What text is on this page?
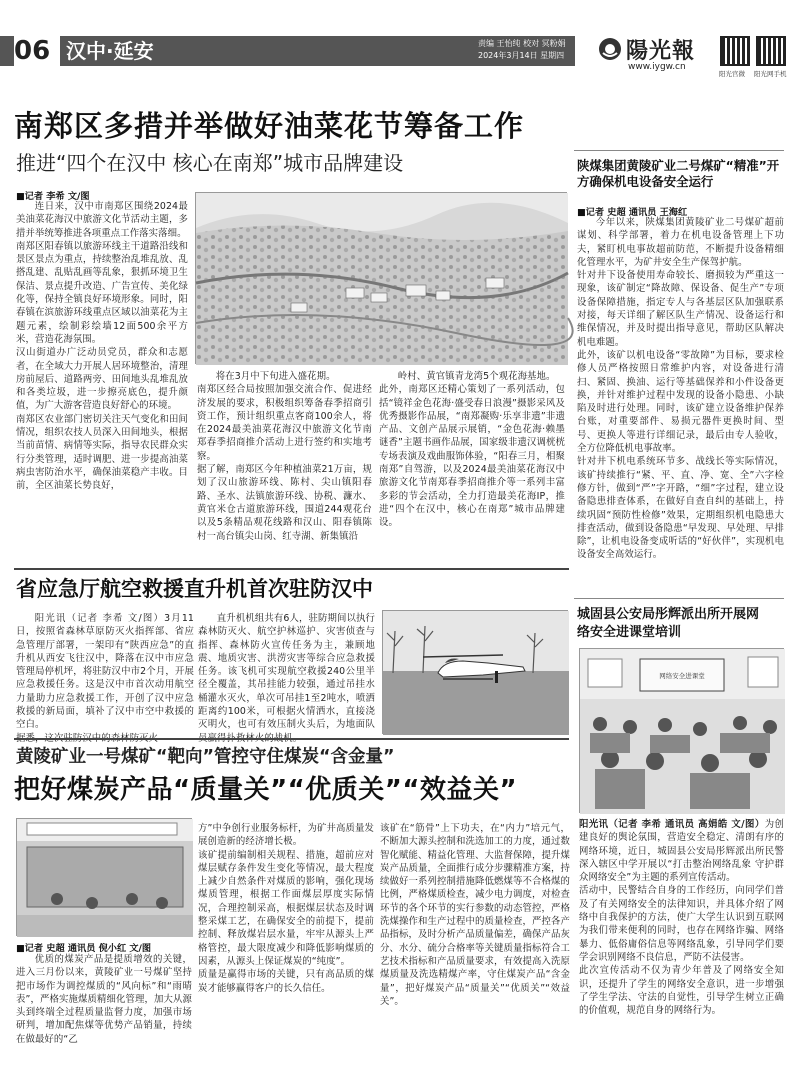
06 汉中·延安	责编 王怡纯 校对 冥粉娟
2024年3月14日 星期四	陽光報
www.iygw.cn
阳光官微 阳光网手机
南郑区多措并举做好油菜花节筹备工作
推进“四个在汉中 核心在南郑”城市品牌建设
■记者 李希 文/图

连日来，汉中市南郑区围绕2024最美油菜花海汉中旅游文化节活动主题，多措并举统筹推进各项重点工作落实落细。
南郑区阳春镇以旅游环线主干道路沿线和景区景点为重点，持续整治乱堆乱放、乱搭乱建、乱贴乱画等乱象，狠抓环境卫生保洁、景点提升改造、广告宣传、美化绿化等，保持全镇良好环境形象。同时，阳春镇在滨旅游环线重点区域以油菜花为主题元素，绘制彩绘墙12面500余平方米，营造花海氛围。
汉山街道办广泛动员党员，群众和志愿者，在全域大力开展人居环境整治，清理房前屋后、道路两旁、田间地头乱堆乱放和各类垃圾，进一步擦亮底色，提升颜值，为广大游客营造良好舒心的环境。
南郑区农业部门密切关注天气变化和田间情况，组织农技人员深入田间地头，根据当前苗情、病情等实际，指导农民群众实行分类管理，适时调肥、进一步提高油菜病虫害防治水平，确保油菜稳产丰收。目前，全区油菜长势良好，

将在3月中下旬进入盛花期。
南郑区经合局按照加强交流合作、促进经济发展的要求，积极组织筹备春季招商引资工作，预计组织重点客商100余人，将在2024最美油菜花海汉中旅游文化节南郑春季招商推介活动上进行签约和实地考察。
据了解，南郑区今年种植油菜21万亩，规划了汉山旅游环线、陈村、尖山镇阳春路、圣水、法镇旅游环线、协税、濂水、黄官米仓古道旅游环线，围道244观花台以及5条精品观花线路和汉山、阳春镇陈村一高台镇尖山岗、红寺湖、新集镇沿

岭村、黄官镇青龙湾5个观花海基地。
此外，南郑区还精心策划了一系列活动，包括“镜祥金色花海·盛受春日浪漫”摄影采风及优秀摄影作品展，“南郑凝购·乐享非遗”非遗产品、文创产品展示展销，“金色花海·赖墨谜香”主题书画作品展，国家级非遗汉调桄桄专场表演及戏曲服饰体验，“阳春三月，相聚南郑”自驾游，以及2024最美油菜花海汉中旅游文化节南郑春季招商推介等一系列丰富多彩的节会活动，全力打造最美花海IP，推进“四个在汉中，核心在南郑”城市品牌建设。

陕煤集团黄陵矿业二号煤矿“精准”开方确保机电设备安全运行
■记者 史超 通讯员 王海红

今年以来，陕煤集团黄陵矿业二号煤矿超前谋划、科学部署，着力在机电设备管理上下功夫，紧盯机电事故超前防范，不断提升设备精细化管理水平，为矿井安全生产保驾护航。
针对井下设备使用寿命较长、磨损较为严重这一现象，该矿制定“降故障、保设备、促生产”专项设备保障措施，指定专人与各基层区队加强联系对接，每天详细了解区队生产情况、设备运行和维保情况，并及时提出指导意见，帮助区队解决机电难题。
此外，该矿以机电设备“零故障”为目标，要求检修人员严格按照日常维护内容，对设备进行清扫、紧固、换油、运行等基础保养和小件设备更换，并针对维护过程中发现的设备小隐患、小缺陷及时进行处理。同时，该矿建立设备维护保养台账，对重要部件、易损元器件更换时间、型号、更换人等进行详细记录，最后由专人验收，全方位降低机电事故率。
针对井下机电系统环节多、战线长等实际情况，该矿持续推行“紧、平、直、净、宽、全”六字检修方针，做到“严”字开路，“细”字过程，建立设备隐患排查体系，在做好自查自纠的基础上，持续巩固“预防性检修”效果，定期组织机电隐患大排查活动，做到设备隐患“早发现、早处理、早排除”，让机电设备变成听话的“好伙伴”，实现机电设备安全高效运行。

省应急厅航空救援直升机首次驻防汉中

阳光讯（记者 李希 文/图）3月11日，按照省森林草原防灭火指挥部、省应急管理厅部署，一架印有“陕西应急”的直升机从西安飞往汉中，降落在汉中市应急管理局停机坪，将驻防汉中市2个月，开展应急救援任务。这是汉中市首次动用航空力量助力应急救援工作，开创了汉中应急救援的新局面，填补了汉中市空中救援的空白。

直升机机组共有6人，驻防期间以执行森林防灭火、航空护林巡护、灾害侦查与指挥、森林防火宣传任务为主，兼顾地震、地质灾害、洪涝灾害等综合应急救援任务。该飞机可实现航空救援240公里半径全覆盖，其吊挂能力较强，通过吊挂水桶灌水灭火，单次可吊挂1至2吨水，喷洒距离约100米，可根据火情洒水，直接浇灭明火，也可有效压制火头后，为地面队

城固县公安局彤辉派出所开展网络安全进课堂培训
网络安全进课堂
阳光讯（记者 李希 通讯员 高娟皓 文/图）为创建良好的舆论氛围，营造安全稳定、清朗有序的网络环境，近日，城固县公安局彤辉派出所民警深入辖区中学开展以“打击整治网络乱象 守护群众网络安全”为主题的系列宣传活动。
活动中，民警结合自身的工作经历，向同学们普及了有关网络安全的法律知识，并具体介绍了网络中自我保护的方法，使广大学生认识到互联网为我们带来便利的同时，也存在网络诈骗、网络暴力、低俗庸俗信息等网络乱象，引导同学们要学会识别网络不良信息，严防不法侵害。
此次宣传活动不仅为青少年普及了网络安全知识，还提升了学生的网络安全意识，进一步增强了学生学法、守法的自觉性，引导学生树立正确的价值观，规范自身的网络行为。
黄陵矿业一号煤矿“靶向”管控守住煤炭“含金量”
把好煤炭产品“质量关”“优质关”“效益关”
■记者 史超 通讯员 倪小红 文/图

优质的煤炭产品是提质增效的关键，进入三月份以来，黄陵矿业一号煤矿坚持把市场作为调控煤质的“风向标”和“雨晴表”，严格实施煤质精细化管理，加大从源头到终端全过程质量监督力度，加强市场研判，增加配焦煤等优势产品销量，持续在做最好的“乙

方”中争创行业服务标杆，为矿井高质量发展创造新的经济增长极。
该矿提前编制相关规程、措施，超前应对煤层赋存条件发生变化等情况，最大程度上减少自然条件对煤质的影响，强化现场煤质管理，根据工作面煤层厚度实际情况，合理控制采高，根据煤层状态及时调整采煤工艺，在确保安全的前提下，提前控制、释放煤岩层水量，牢牢从源头上严格管控，最大限度减少和降低影响煤质的因素，从源头上保证煤炭的“纯度”。
质量是赢得市场的关键，只有高品质的煤炭才能够赢得客户的长久信任。

该矿在“筋骨”上下功夫，在“内力”培元气，不断加大源头控制和洗选加工的力度，通过数智化赋能、精益化管理、大监督保障，提升煤炭产品质量，全面推行成分步骤精准方案，持续做好一系列控制措施降低燃煤等不合格煤的比例，严格煤质检查，减少电力调度，对检查环节的各个环节的实行参数的动态管控，严格洗煤操作和生产过程中的质量检查，严控各产品指标，及时分析产品质量偏差，确保产品灰分、水分、硫分合格率等关键质量指标符合工艺技术指标和产品质量要求，有效提高入洗原煤质量及洗选精煤产率，守住煤炭产品“含金量”，把好煤炭产品“质量关”“优质关”“效益关”。
